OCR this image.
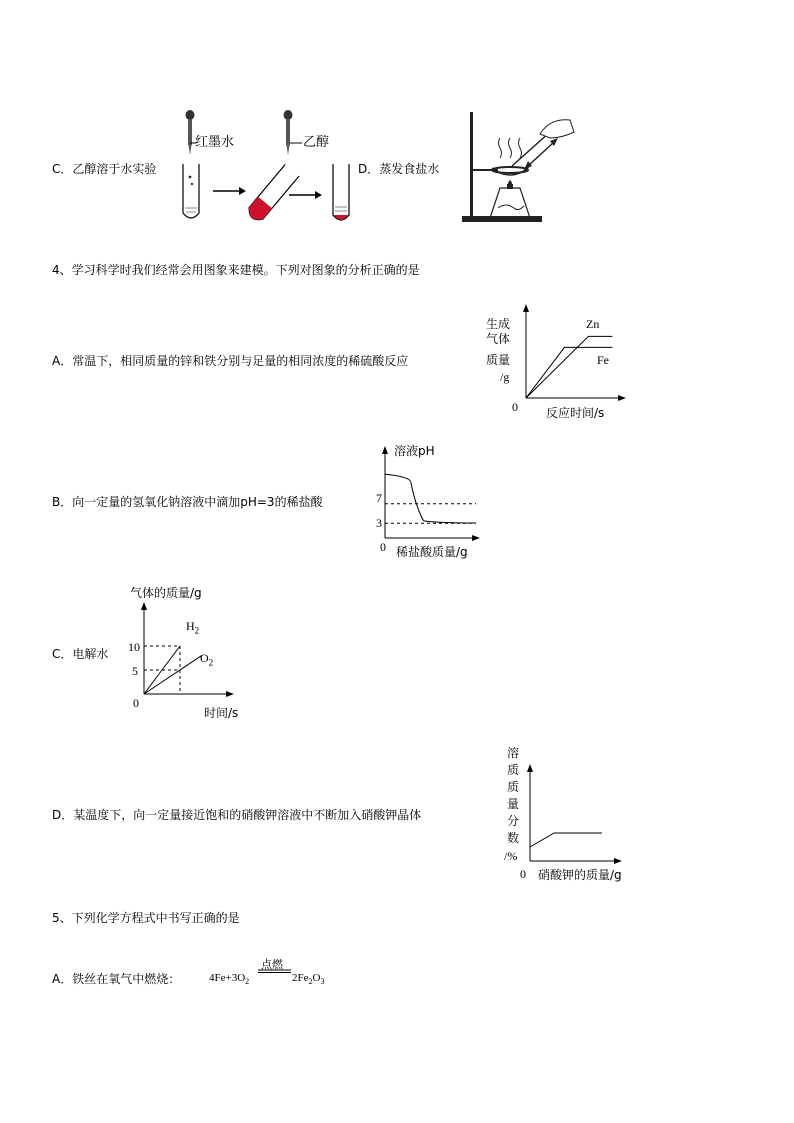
C．乙醇溶于水实验
红墨水	乙醇
D．蒸发食盐水
4、学习科学时我们经常会用图象来建模。下列对图象的分析正确的是
A．常温下，相同质量的锌和铁分别与足量的相同浓度的稀硫酸反应
生成
气体
质量
/g
0 反应时间/s
Zn
Fe
B．向一定量的氢氧化钠溶液中滴加pH=3的稀盐酸
溶液pH
7
3
0 稀盐酸质量/g
C．电解水
气体的质量/g
10
5
0
时间/s
$H_2$
$O_2$
D．某温度下，向一定量接近饱和的硝酸钾溶液中不断加入硝酸钾晶体
溶
质
质
量
分
数
/%
0 硝酸钾的质量/g
5、下列化学方程式中书写正确的是
A．铁丝在氧气中燃烧：	$4Fe+3O_2$
点燃
$2Fe_2O_3$
